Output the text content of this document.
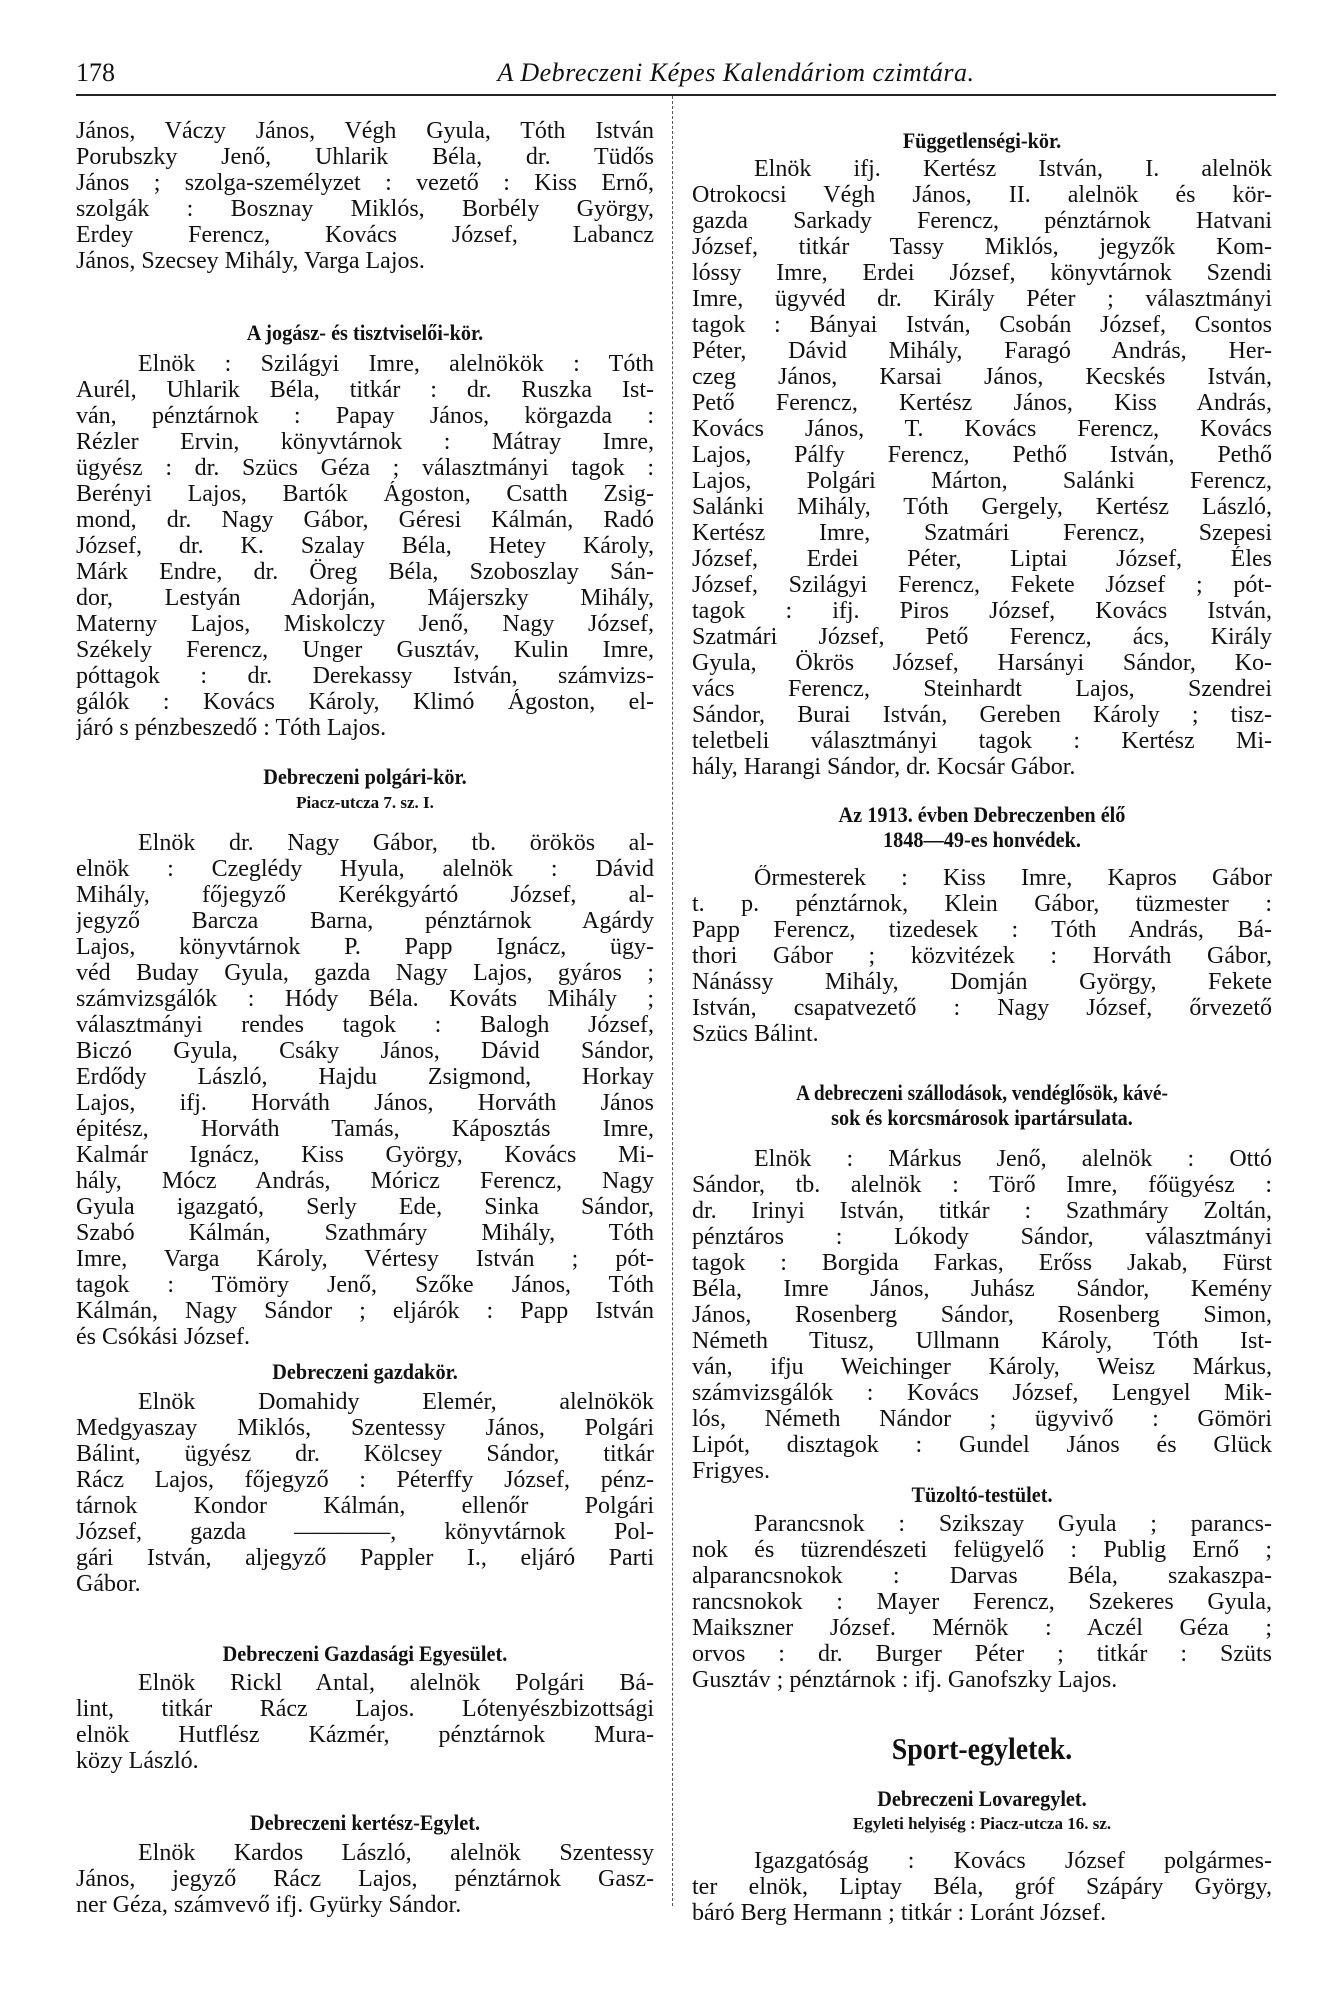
178	A Debreczeni Képes Kalendáriom czimtára.
János, Váczy János, Végh Gyula, Tóth István
Porubszky Jenő, Uhlarik Béla, dr. Tüdős
János ; szolga-személyzet : vezető : Kiss Ernő,
szolgák : Bosznay Miklós, Borbély György,
Erdey Ferencz, Kovács József, Labancz
János, Szecsey Mihály, Varga Lajos.
A jogász- és tisztviselői-kör.
Elnök : Szilágyi Imre, alelnökök : Tóth
Aurél, Uhlarik Béla, titkár : dr. Ruszka Ist-
ván, pénztárnok : Papay János, körgazda :
Rézler Ervin, könyvtárnok : Mátray Imre,
ügyész : dr. Szücs Géza ; választmányi tagok :
Berényi Lajos, Bartók Ágoston, Csatth Zsig-
mond, dr. Nagy Gábor, Géresi Kálmán, Radó
József, dr. K. Szalay Béla, Hetey Károly,
Márk Endre, dr. Öreg Béla, Szoboszlay Sán-
dor, Lestyán Adorján, Májerszky Mihály,
Materny Lajos, Miskolczy Jenő, Nagy József,
Székely Ferencz, Unger Gusztáv, Kulin Imre,
póttagok : dr. Derekassy István, számvizs-
gálók : Kovács Károly, Klimó Ágoston, el-
járó s pénzbeszedő : Tóth Lajos.
Debreczeni polgári-kör.
Piacz-utcza 7. sz. I.
Elnök dr. Nagy Gábor, tb. örökös al-
elnök : Czeglédy Hyula, alelnök : Dávid
Mihály, főjegyző Kerékgyártó József, al-
jegyző Barcza Barna, pénztárnok Agárdy
Lajos, könyvtárnok P. Papp Ignácz, ügy-
véd Buday Gyula, gazda Nagy Lajos, gyáros ;
számvizsgálók : Hódy Béla. Kováts Mihály ;
választmányi rendes tagok : Balogh József,
Biczó Gyula, Csáky János, Dávid Sándor,
Erdődy László, Hajdu Zsigmond, Horkay
Lajos, ifj. Horváth János, Horváth János
épitész, Horváth Tamás, Káposztás Imre,
Kalmár Ignácz, Kiss György, Kovács Mi-
hály, Mócz András, Móricz Ferencz, Nagy
Gyula igazgató, Serly Ede, Sinka Sándor,
Szabó Kálmán, Szathmáry Mihály, Tóth
Imre, Varga Károly, Vértesy István ; pót-
tagok : Tömöry Jenő, Szőke János, Tóth
Kálmán, Nagy Sándor ; eljárók : Papp István
és Csókási József.
Debreczeni gazdakör.
Elnök Domahidy Elemér, alelnökök
Medgyaszay Miklós, Szentessy János, Polgári
Bálint, ügyész dr. Kölcsey Sándor, titkár
Rácz Lajos, főjegyző : Péterffy József, pénz-
tárnok Kondor Kálmán, ellenőr Polgári
József, gazda ————, könyvtárnok Pol-
gári István, aljegyző Pappler I., eljáró Parti
Gábor.
Debreczeni Gazdasági Egyesület.
Elnök Rickl Antal, alelnök Polgári Bá-
lint, titkár Rácz Lajos. Lótenyészbizottsági
elnök Hutflész Kázmér, pénztárnok Mura-
közy László.
Debreczeni kertész-Egylet.
Elnök Kardos László, alelnök Szentessy
János, jegyző Rácz Lajos, pénztárnok Gasz-
ner Géza, számvevő ifj. Gyürky Sándor.
Függetlenségi-kör.
Elnök ifj. Kertész István, I. alelnök
Otrokocsi Végh János, II. alelnök és kör-
gazda Sarkady Ferencz, pénztárnok Hatvani
József, titkár Tassy Miklós, jegyzők Kom-
lóssy Imre, Erdei József, könyvtárnok Szendi
Imre, ügyvéd dr. Király Péter ; választmányi
tagok : Bányai István, Csobán József, Csontos
Péter, Dávid Mihály, Faragó András, Her-
czeg János, Karsai János, Kecskés István,
Pető Ferencz, Kertész János, Kiss András,
Kovács János, T. Kovács Ferencz, Kovács
Lajos, Pálfy Ferencz, Pethő István, Pethő
Lajos, Polgári Márton, Salánki Ferencz,
Salánki Mihály, Tóth Gergely, Kertész László,
Kertész Imre, Szatmári Ferencz, Szepesi
József, Erdei Péter, Liptai József, Éles
József, Szilágyi Ferencz, Fekete József ; pót-
tagok : ifj. Piros József, Kovács István,
Szatmári József, Pető Ferencz, ács, Király
Gyula, Ökrös József, Harsányi Sándor, Ko-
vács Ferencz, Steinhardt Lajos, Szendrei
Sándor, Burai István, Gereben Károly ; tisz-
teletbeli választmányi tagok : Kertész Mi-
hály, Harangi Sándor, dr. Kocsár Gábor.
Az 1913. évben Debreczenben élő
1848—49-es honvédek.
Őrmesterek : Kiss Imre, Kapros Gábor
t. p. pénztárnok, Klein Gábor, tüzmester :
Papp Ferencz, tizedesek : Tóth András, Bá-
thori Gábor ; közvitézek : Horváth Gábor,
Nánássy Mihály, Domján György, Fekete
István, csapatvezető : Nagy József, őrvezető
Szücs Bálint.
A debreczeni szállodások, vendéglősök, kávé-
sok és korcsmárosok ipartársulata.
Elnök : Márkus Jenő, alelnök : Ottó
Sándor, tb. alelnök : Törő Imre, főügyész :
dr. Irinyi István, titkár : Szathmáry Zoltán,
pénztáros : Lókody Sándor, választmányi
tagok : Borgida Farkas, Erőss Jakab, Fürst
Béla, Imre János, Juhász Sándor, Kemény
János, Rosenberg Sándor, Rosenberg Simon,
Németh Titusz, Ullmann Károly, Tóth Ist-
ván, ifju Weichinger Károly, Weisz Márkus,
számvizsgálók : Kovács József, Lengyel Mik-
lós, Németh Nándor ; ügyvivő : Gömöri
Lipót, disztagok : Gundel János és Glück
Frigyes.
Tüzoltó-testület.
Parancsnok : Szikszay Gyula ; parancs-
nok és tüzrendészeti felügyelő : Publig Ernő ;
alparancsnokok : Darvas Béla, szakaszpa-
rancsnokok : Mayer Ferencz, Szekeres Gyula,
Maikszner József. Mérnök : Aczél Géza ;
orvos : dr. Burger Péter ; titkár : Szüts
Gusztáv ; pénztárnok : ifj. Ganofszky Lajos.
Sport-egyletek.
Debreczeni Lovaregylet.
Egyleti helyiség : Piacz-utcza 16. sz.
Igazgatóság : Kovács József polgármes-
ter elnök, Liptay Béla, gróf Szápáry György,
báró Berg Hermann ; titkár : Loránt József.
